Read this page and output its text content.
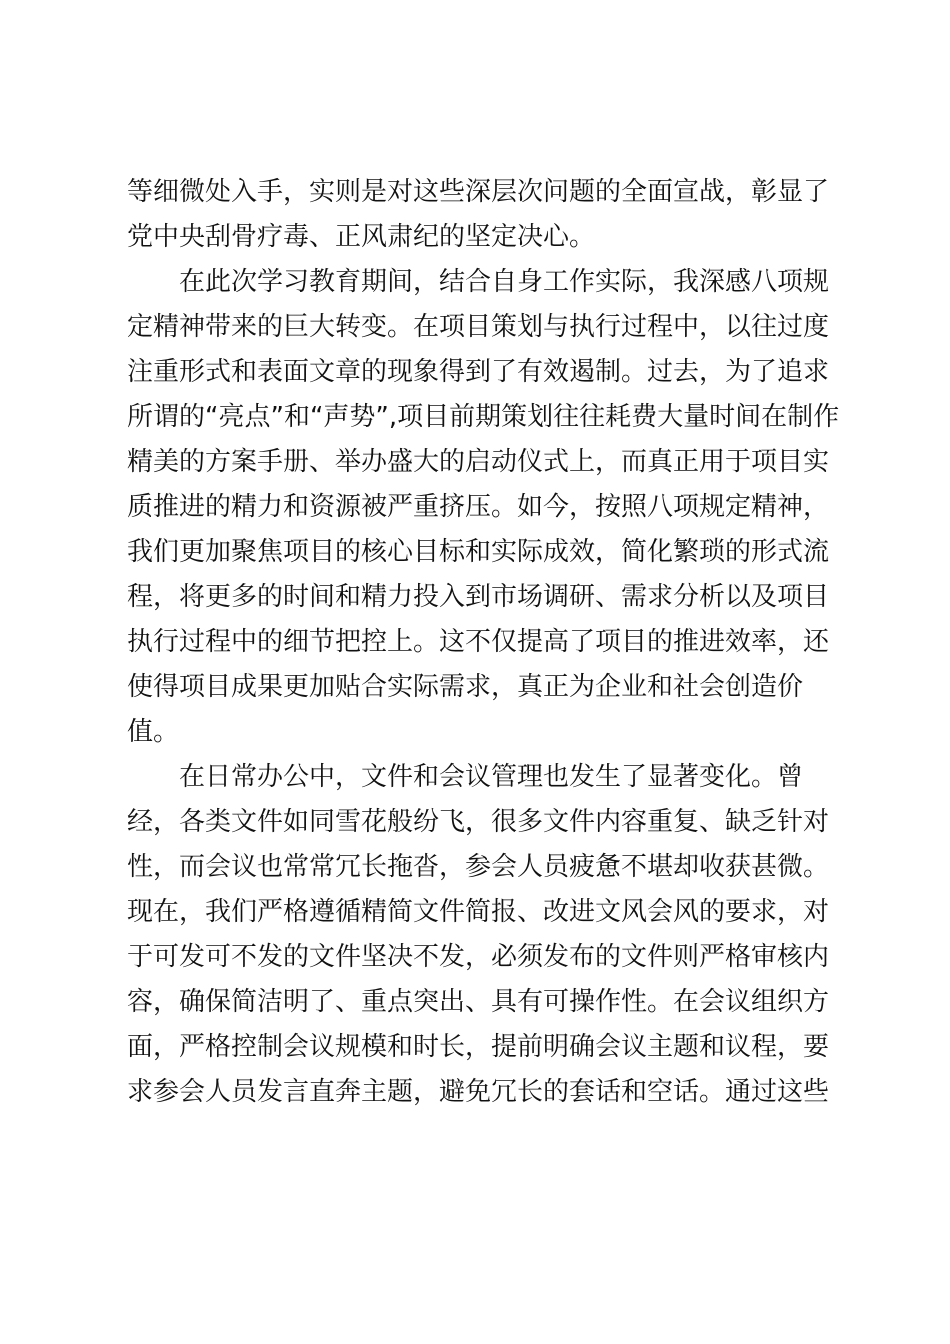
等细微处入手，实则是对这些深层次问题的全面宣战，彰显了
党中央刮骨疗毒、正风肃纪的坚定决心。
在此次学习教育期间，结合自身工作实际，我深感八项规
定精神带来的巨大转变。在项目策划与执行过程中，以往过度
注重形式和表面文章的现象得到了有效遏制。过去，为了追求
所谓的“亮点”和“声势”,项目前期策划往往耗费大量时间在制作
精美的方案手册、举办盛大的启动仪式上，而真正用于项目实
质推进的精力和资源被严重挤压。如今，按照八项规定精神，
我们更加聚焦项目的核心目标和实际成效，简化繁琐的形式流
程，将更多的时间和精力投入到市场调研、需求分析以及项目
执行过程中的细节把控上。这不仅提高了项目的推进效率，还
使得项目成果更加贴合实际需求，真正为企业和社会创造价
值。
在日常办公中，文件和会议管理也发生了显著变化。曾
经，各类文件如同雪花般纷飞，很多文件内容重复、缺乏针对
性，而会议也常常冗长拖沓，参会人员疲惫不堪却收获甚微。
现在，我们严格遵循精简文件简报、改进文风会风的要求，对
于可发可不发的文件坚决不发，必须发布的文件则严格审核内
容，确保简洁明了、重点突出、具有可操作性。在会议组织方
面，严格控制会议规模和时长，提前明确会议主题和议程，要
求参会人员发言直奔主题，避免冗长的套话和空话。通过这些
